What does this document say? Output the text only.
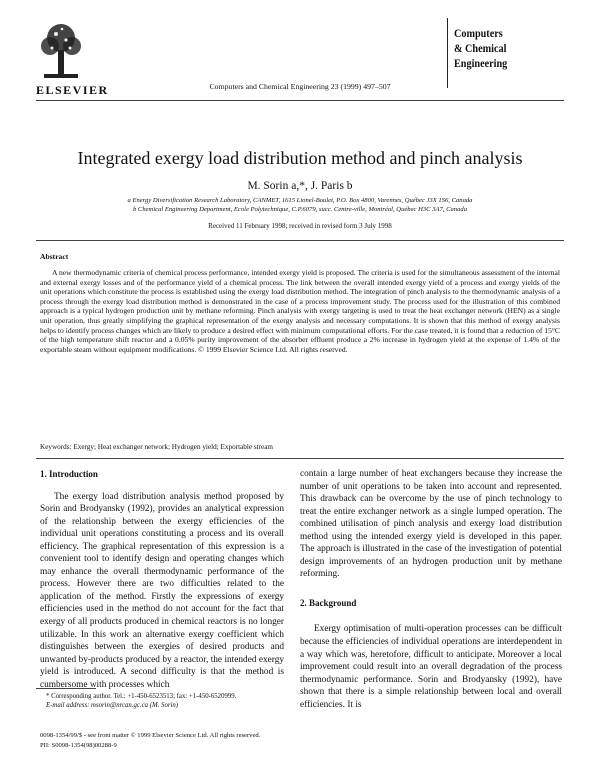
ELSEVIER	Computers and Chemical Engineering 23 (1999) 497–507
Computers
& Chemical
Engineering
Integrated exergy load distribution method and pinch analysis
M. Sorin a,*, J. Paris b
a Energy Diversification Research Laboratory, CANMET, 1615 Lionel-Boulet, P.O. Box 4800, Varennes, Québec J3X 1S6, Canada
b Chemical Engineering Department, Ecole Polytechnique, C.P.6079, succ. Centre-ville, Montréal, Québec H3C 3A7, Canada
Received 11 February 1998; received in revised form 3 July 1998
Abstract

A new thermodynamic criteria of chemical process performance, intended exergy yield is proposed. The criteria is used for the simultaneous assessment of the internal and external exergy losses and of the performance yield of a chemical process. The link between the overall intended exergy yield of a process and exergy yields of the unit operations which constitute the process is established using the exergy load distribution method. The integration of pinch analysis to the thermodynamic analysis of a process through the exergy load distribution method is demonstrated in the case of a process improvement study. The process used for the illustration of this combined approach is a typical hydrogen production unit by methane reforming. Pinch analysis with exergy targeting is used to treat the heat exchanger network (HEN) as a single unit operation, thus greatly simplifying the graphical representation of the exergy analysis and necessary computations. It is shown that this method of exergy analysis helps to identify process changes which are likely to produce a desired effect with minimum computational efforts. For the case treated, it is found that a reduction of 15°C of the high temperature shift reactor and a 0.05% purity improvement of the absorber effluent produce a 2% increase in hydrogen yield at the expense of 1.4% of the exportable steam without equipment modifications. © 1999 Elsevier Science Ltd. All rights reserved.

Keywords: Exergy; Heat exchanger network; Hydrogen yield; Exportable stream
1. Introduction

The exergy load distribution analysis method proposed by Sorin and Brodyansky (1992), provides an analytical expression of the relationship between the exergy efficiencies of the individual unit operations constituting a process and its overall efficiency. The graphical representation of this expression is a convenient tool to identify design and operating changes which may enhance the overall thermodynamic performance of the process. However there are two difficulties related to the application of the method. Firstly the expressions of exergy efficiencies used in the method do not account for the fact that exergy of all products produced in chemical reactors is no longer utilizable. In this work an alternative exergy coefficient which distinguishes between the exergies of desired products and unwanted by-products produced by a reactor, the intended exergy yield is introduced. A second difficulty is that the method is cumbersome with processes which

* Corresponding author. Tel.: +1-450-6523513; fax: +1-450-6520999.
E-mail address: msorin@nrcan.gc.ca (M. Sorin)

contain a large number of heat exchangers because they increase the number of unit operations to be taken into account and represented. This drawback can be overcome by the use of pinch technology to treat the entire exchanger network as a single lumped operation. The combined utilisation of pinch analysis and exergy load distribution method using the intended exergy yield is developed in this paper. The approach is illustrated in the case of the investigation of potential design improvements of an hydrogen production unit by methane reforming.

2. Background

Exergy optimisation of multi-operation processes can be difficult because the efficiencies of individual operations are interdependent in a way which was, heretofore, difficult to anticipate. Moreover a local improvement could result into an overall degradation of the process thermodynamic performance. Sorin and Brodyansky (1992), have shown that there is a simple relationship between local and overall efficiencies. It is

0098-1354/99/$ - see front matter © 1999 Elsevier Science Ltd. All rights reserved.
PII: S0098-1354(98)00288-9
